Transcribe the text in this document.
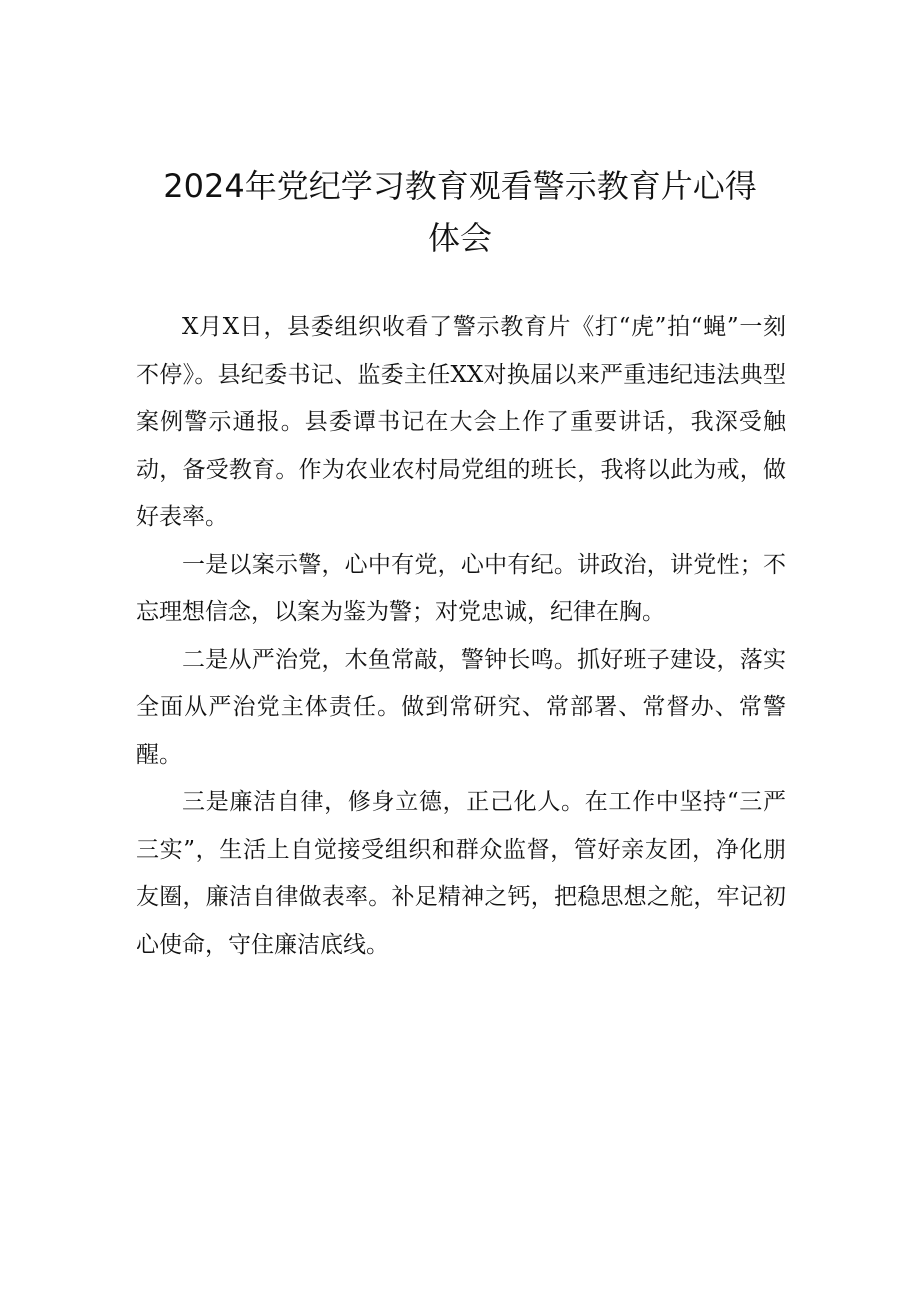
2024年党纪学习教育观看警示教育片心得
体会

X月X日，县委组织收看了警示教育片《打“虎”拍“蝇”一刻不停》。县纪委书记、监委主任XX对换届以来严重违纪违法典型案例警示通报。县委谭书记在大会上作了重要讲话，我深受触动，备受教育。作为农业农村局党组的班长，我将以此为戒，做好表率。

一是以案示警，心中有党，心中有纪。讲政治，讲党性；不忘理想信念，以案为鉴为警；对党忠诚，纪律在胸。

二是从严治党，木鱼常敲，警钟长鸣。抓好班子建设，落实全面从严治党主体责任。做到常研究、常部署、常督办、常警醒。

三是廉洁自律，修身立德，正己化人。在工作中坚持“三严三实”，生活上自觉接受组织和群众监督，管好亲友团，净化朋友圈，廉洁自律做表率。补足精神之钙，把稳思想之舵，牢记初心使命，守住廉洁底线。
